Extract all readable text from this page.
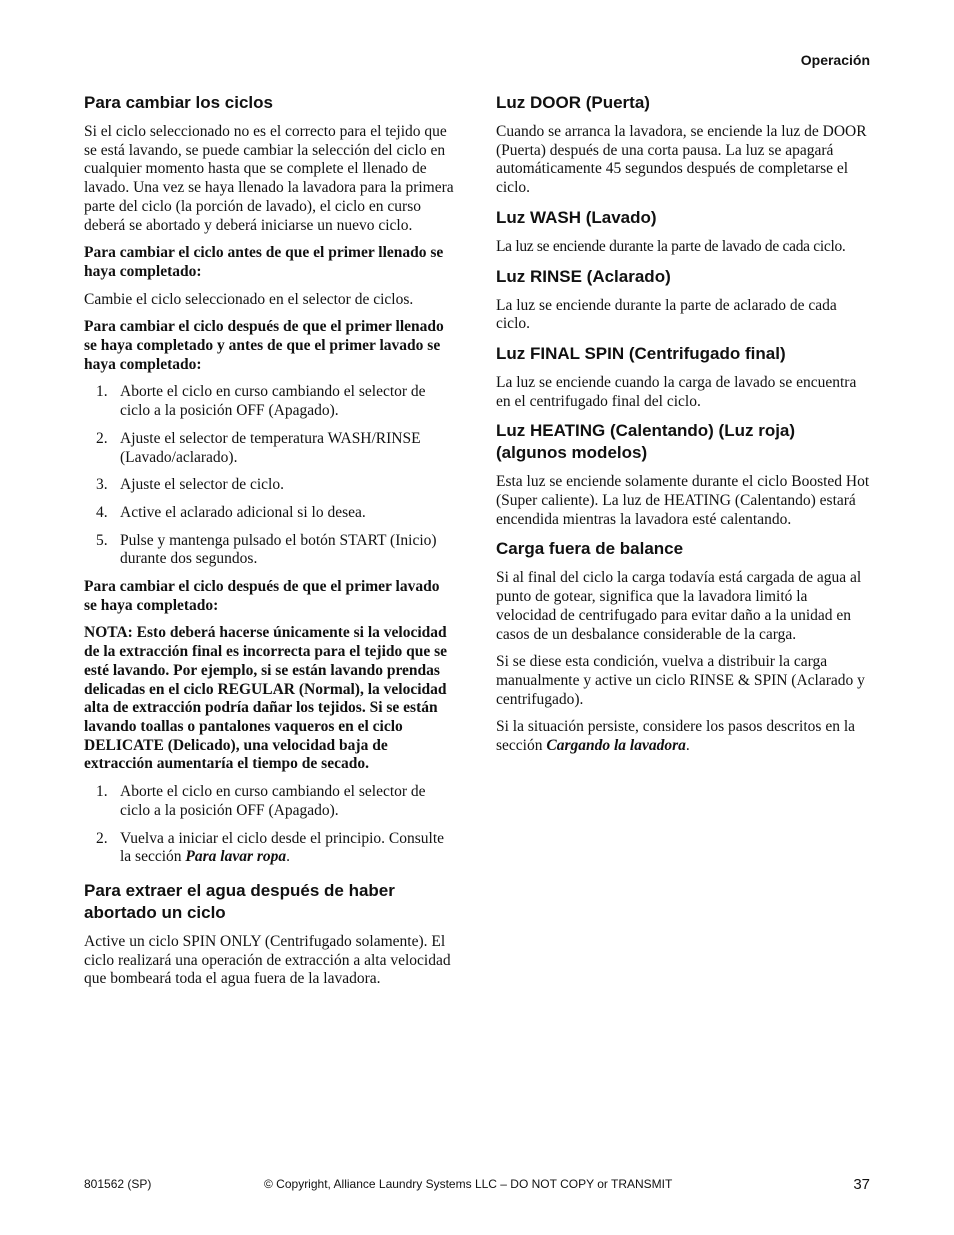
Operación
Para cambiar los ciclos

Si el ciclo seleccionado no es el correcto para el tejido que se está lavando, se puede cambiar la selección del ciclo en cualquier momento hasta que se complete el llenado de lavado. Una vez se haya llenado la lavadora para la primera parte del ciclo (la porción de lavado), el ciclo en curso deberá se abortado y deberá iniciarse un nuevo ciclo.

Para cambiar el ciclo antes de que el primer llenado se haya completado:

Cambie el ciclo seleccionado en el selector de ciclos.

Para cambiar el ciclo después de que el primer llenado se haya completado y antes de que el primer lavado se haya completado:

1. Aborte el ciclo en curso cambiando el selector de ciclo a la posición OFF (Apagado).
2. Ajuste el selector de temperatura WASH/RINSE (Lavado/aclarado).
3. Ajuste el selector de ciclo.
4. Active el aclarado adicional si lo desea.
5. Pulse y mantenga pulsado el botón START (Inicio) durante dos segundos.

Para cambiar el ciclo después de que el primer lavado se haya completado:

NOTA: Esto deberá hacerse únicamente si la velocidad de la extracción final es incorrecta para el tejido que se esté lavando. Por ejemplo, si se están lavando prendas delicadas en el ciclo REGULAR (Normal), la velocidad alta de extracción podría dañar los tejidos. Si se están lavando toallas o pantalones vaqueros en el ciclo DELICATE (Delicado), una velocidad baja de extracción aumentaría el tiempo de secado.

1. Aborte el ciclo en curso cambiando el selector de ciclo a la posición OFF (Apagado).
2. Vuelva a iniciar el ciclo desde el principio. Consulte la sección Para lavar ropa.
Para extraer el agua después de haber abortado un ciclo

Active un ciclo SPIN ONLY (Centrifugado solamente). El ciclo realizará una operación de extracción a alta velocidad que bombeará toda el agua fuera de la lavadora.

Luz DOOR (Puerta)

Cuando se arranca la lavadora, se enciende la luz de DOOR (Puerta) después de una corta pausa. La luz se apagará automáticamente 45 segundos después de completarse el ciclo.

Luz WASH (Lavado)

La luz se enciende durante la parte de lavado de cada ciclo.

Luz RINSE (Aclarado)

La luz se enciende durante la parte de aclarado de cada ciclo.

Luz FINAL SPIN (Centrifugado final)

La luz se enciende cuando la carga de lavado se encuentra en el centrifugado final del ciclo.

Luz HEATING (Calentando) (Luz roja) (algunos modelos)

Esta luz se enciende solamente durante el ciclo Boosted Hot (Super caliente). La luz de HEATING (Calentando) estará encendida mientras la lavadora esté calentando.

Carga fuera de balance

Si al final del ciclo la carga todavía está cargada de agua al punto de gotear, significa que la lavadora limitó la velocidad de centrifugado para evitar daño a la unidad en casos de un desbalance considerable de la carga.

Si se diese esta condición, vuelva a distribuir la carga manualmente y active un ciclo RINSE & SPIN (Aclarado y centrifugado).

Si la situación persiste, considere los pasos descritos en la sección Cargando la lavadora.

801562 (SP)	© Copyright, Alliance Laundry Systems LLC – DO NOT COPY or TRANSMIT	37
